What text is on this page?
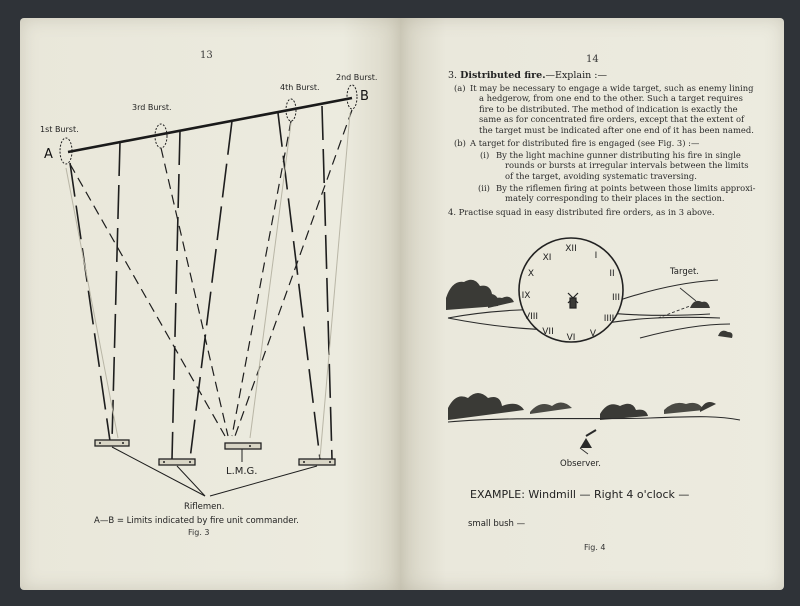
13
1st Burst.
3rd Burst.
4th Burst.
2nd Burst.
A
B
L.M.G.
Riflemen.
A—B = Limits indicated by fire unit commander.
Fig. 3
14
3. Distributed fire.—Explain :—
(a) It may be necessary to engage a wide target, such as enemy lining
a hedgerow, from one end to the other. Such a target requires
fire to be distributed. The method of indication is exactly the
same as for concentrated fire orders, except that the extent of
the target must be indicated after one end of it has been named.
(b) A target for distributed fire is engaged (see Fig. 3) :—
(i) By the light machine gunner distributing his fire in single
rounds or bursts at irregular intervals between the limits
of the target, avoiding systematic traversing.
(ii) By the riflemen firing at points between those limits approxi-
mately corresponding to their places in the section.
4. Practise squad in easy distributed fire orders, as in 3 above.
XII
I
II
III
IIII
V
VI
VII
VIII
IX
X
XI
Target.
Observer.
EXAMPLE: Windmill — Right 4 o'clock —
small bush —
Fig. 4
